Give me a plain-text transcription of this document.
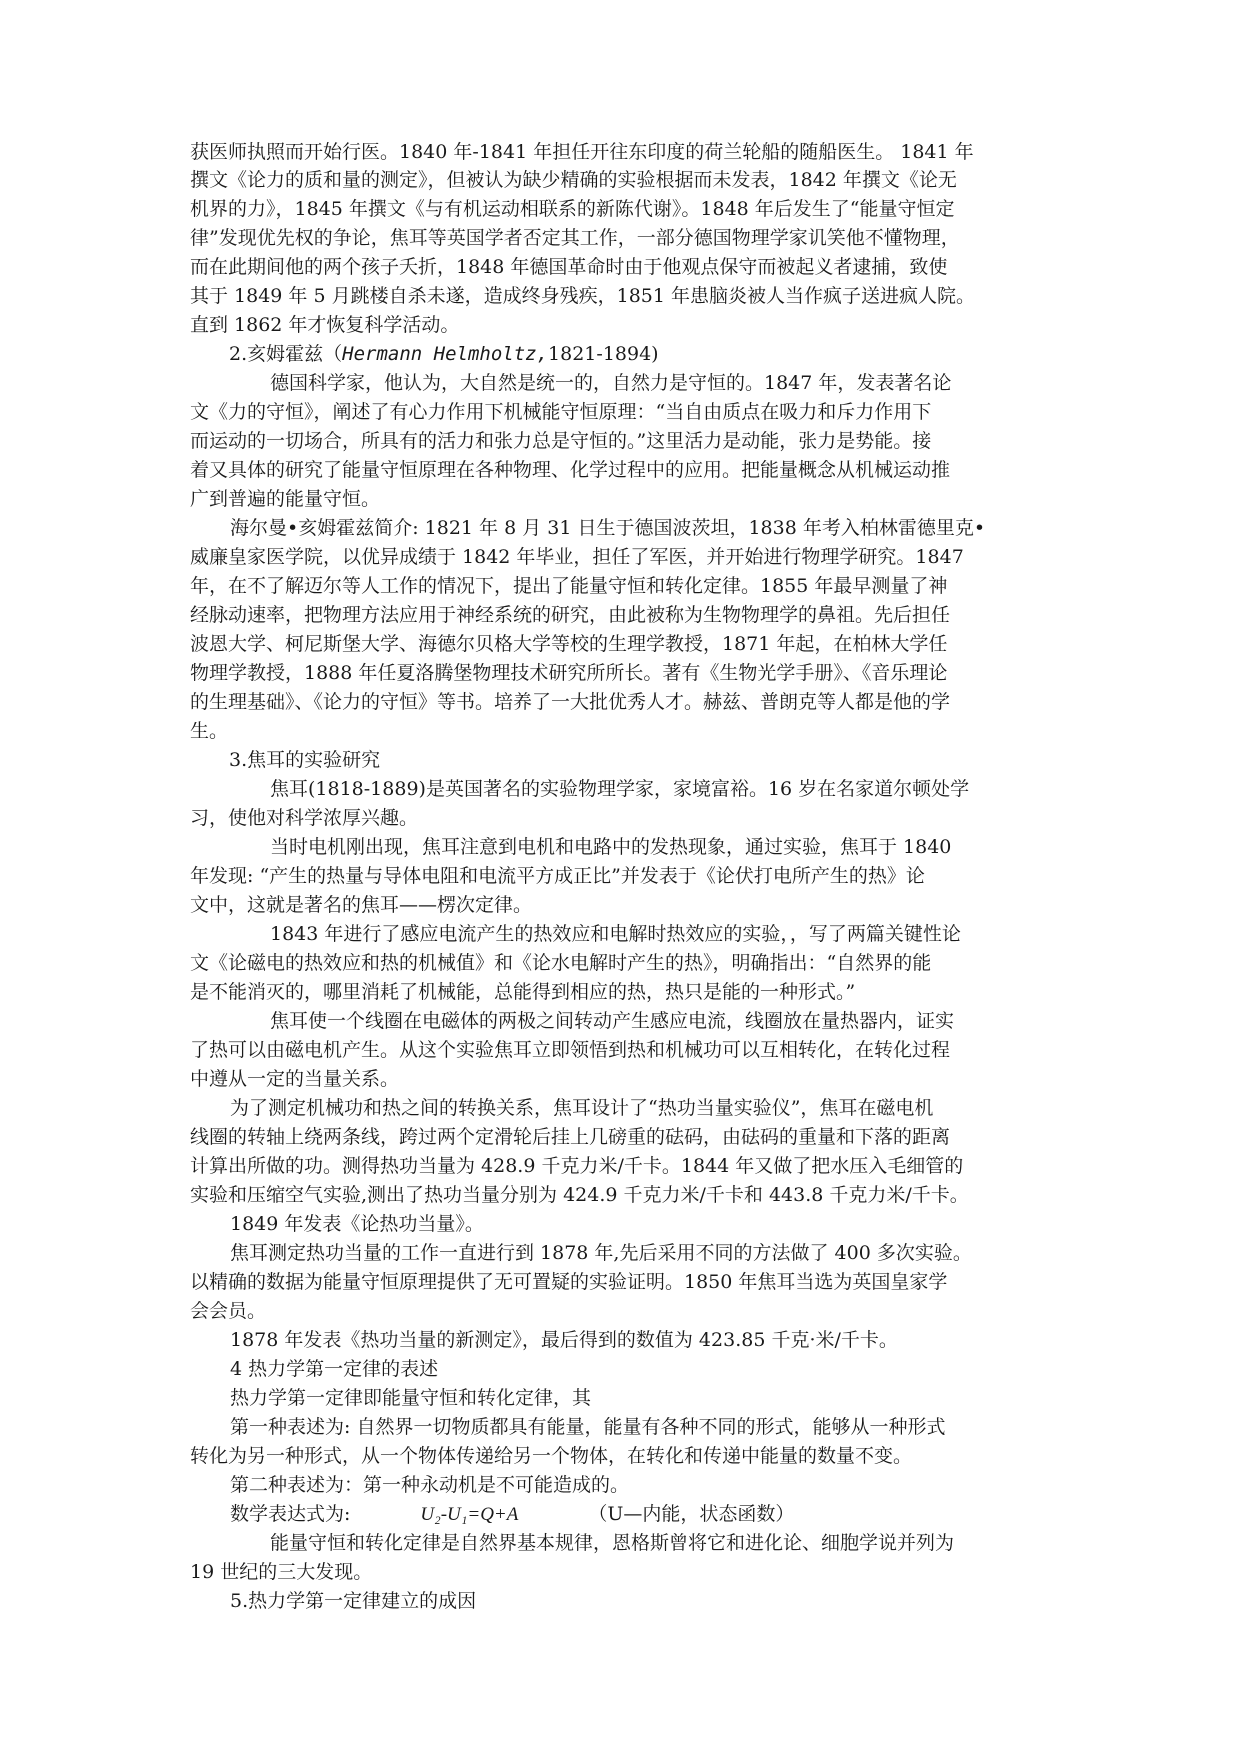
获医师执照而开始行医。1840 年-1841 年担任开往东印度的荷兰轮船的随船医生。 1841 年

撰文《论力的质和量的测定》，但被认为缺少精确的实验根据而未发表，1842 年撰文《论无

机界的力》，1845 年撰文《与有机运动相联系的新陈代谢》。1848 年后发生了“能量守恒定

律”发现优先权的争论，焦耳等英国学者否定其工作，一部分德国物理学家讥笑他不懂物理，

而在此期间他的两个孩子夭折，1848 年德国革命时由于他观点保守而被起义者逮捕，致使

其于 1849 年 5 月跳楼自杀未遂，造成终身残疾，1851 年患脑炎被人当作疯子送进疯人院。

直到 1862 年才恢复科学活动。

2.亥姆霍兹（Hermann Helmholtz,1821-1894)

德国科学家，他认为，大自然是统一的，自然力是守恒的。1847 年，发表著名论

文《力的守恒》，阐述了有心力作用下机械能守恒原理：“当自由质点在吸力和斥力作用下

而运动的一切场合，所具有的活力和张力总是守恒的。”这里活力是动能，张力是势能。接

着又具体的研究了能量守恒原理在各种物理、化学过程中的应用。把能量概念从机械运动推

广到普遍的能量守恒。

海尔曼•亥姆霍兹简介: 1821 年 8 月 31 日生于德国波茨坦，1838 年考入柏林雷德里克•

威廉皇家医学院，以优异成绩于 1842 年毕业，担任了军医，并开始进行物理学研究。1847

年，在不了解迈尔等人工作的情况下，提出了能量守恒和转化定律。1855 年最早测量了神

经脉动速率，把物理方法应用于神经系统的研究，由此被称为生物物理学的鼻祖。先后担任

波恩大学、柯尼斯堡大学、海德尔贝格大学等校的生理学教授，1871 年起，在柏林大学任

物理学教授，1888 年任夏洛腾堡物理技术研究所所长。著有《生物光学手册》、《音乐理论

的生理基础》、《论力的守恒》等书。培养了一大批优秀人才。赫兹、普朗克等人都是他的学

生。

3.焦耳的实验研究

焦耳(1818-1889)是英国著名的实验物理学家，家境富裕。16 岁在名家道尔顿处学

习，使他对科学浓厚兴趣。

当时电机刚出现，焦耳注意到电机和电路中的发热现象，通过实验，焦耳于 1840

年发现: “产生的热量与导体电阻和电流平方成正比”并发表于《论伏打电所产生的热》论

文中，这就是著名的焦耳——楞次定律。

1843 年进行了感应电流产生的热效应和电解时热效应的实验，，写了两篇关键性论

文《论磁电的热效应和热的机械值》和《论水电解时产生的热》，明确指出：“自然界的能

是不能消灭的，哪里消耗了机械能，总能得到相应的热，热只是能的一种形式。”

焦耳使一个线圈在电磁体的两极之间转动产生感应电流，线圈放在量热器内，证实

了热可以由磁电机产生。从这个实验焦耳立即领悟到热和机械功可以互相转化，在转化过程

中遵从一定的当量关系。

为了测定机械功和热之间的转换关系，焦耳设计了“热功当量实验仪”，焦耳在磁电机

线圈的转轴上绕两条线，跨过两个定滑轮后挂上几磅重的砝码，由砝码的重量和下落的距离

计算出所做的功。测得热功当量为 428.9 千克力米/千卡。1844 年又做了把水压入毛细管的

实验和压缩空气实验,测出了热功当量分别为 424.9 千克力米/千卡和 443.8 千克力米/千卡。

1849 年发表《论热功当量》。

焦耳测定热功当量的工作一直进行到 1878 年,先后采用不同的方法做了 400 多次实验。

以精确的数据为能量守恒原理提供了无可置疑的实验证明。1850 年焦耳当选为英国皇家学

会会员。

1878 年发表《热功当量的新测定》，最后得到的数值为 423.85 千克·米/千卡。

4 热力学第一定律的表述

热力学第一定律即能量守恒和转化定律，其

第一种表述为: 自然界一切物质都具有能量，能量有各种不同的形式，能够从一种形式

转化为另一种形式，从一个物体传递给另一个物体，在转化和传递中能量的数量不变。

第二种表述为：第一种永动机是不可能造成的。

数学表达式为:	U₂-U₁=Q+A	（U—内能，状态函数）

能量守恒和转化定律是自然界基本规律，恩格斯曾将它和进化论、细胞学说并列为

19 世纪的三大发现。

5.热力学第一定律建立的成因
